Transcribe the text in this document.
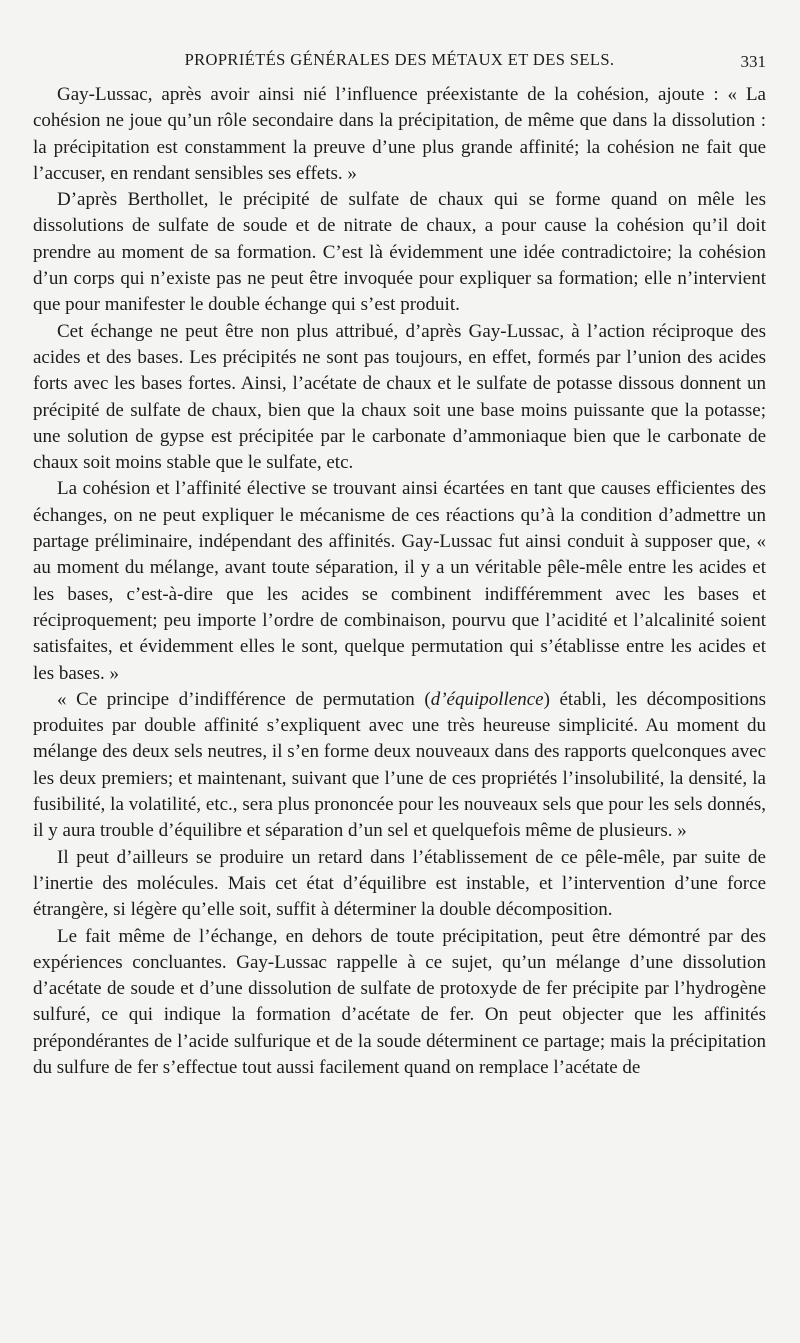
PROPRIÉTÉS GÉNÉRALES DES MÉTAUX ET DES SELS.	331

Gay-Lussac, après avoir ainsi nié l’influence préexistante de la cohésion, ajoute : « La cohésion ne joue qu’un rôle secondaire dans la précipitation, de même que dans la dissolution : la précipitation est constamment la preuve d’une plus grande affinité; la cohésion ne fait que l’accuser, en rendant sensibles ses effets. »

D’après Berthollet, le précipité de sulfate de chaux qui se forme quand on mêle les dissolutions de sulfate de soude et de nitrate de chaux, a pour cause la cohésion qu’il doit prendre au moment de sa formation. C’est là évidemment une idée contradictoire; la cohésion d’un corps qui n’existe pas ne peut être invoquée pour expliquer sa formation; elle n’intervient que pour manifester le double échange qui s’est produit.

Cet échange ne peut être non plus attribué, d’après Gay-Lussac, à l’action réciproque des acides et des bases. Les précipités ne sont pas toujours, en effet, formés par l’union des acides forts avec les bases fortes. Ainsi, l’acétate de chaux et le sulfate de potasse dissous donnent un précipité de sulfate de chaux, bien que la chaux soit une base moins puissante que la potasse; une solution de gypse est précipitée par le carbonate d’ammoniaque bien que le carbonate de chaux soit moins stable que le sulfate, etc.

La cohésion et l’affinité élective se trouvant ainsi écartées en tant que causes efficientes des échanges, on ne peut expliquer le mécanisme de ces réactions qu’à la condition d’admettre un partage préliminaire, indépendant des affinités. Gay-Lussac fut ainsi conduit à supposer que, « au moment du mélange, avant toute séparation, il y a un véritable pêle-mêle entre les acides et les bases, c’est-à-dire que les acides se combinent indifféremment avec les bases et réciproquement; peu importe l’ordre de combinaison, pourvu que l’acidité et l’alcalinité soient satisfaites, et évidemment elles le sont, quelque permutation qui s’établisse entre les acides et les bases. »

« Ce principe d’indifférence de permutation (d’équipollence) établi, les décompositions produites par double affinité s’expliquent avec une très heureuse simplicité. Au moment du mélange des deux sels neutres, il s’en forme deux nouveaux dans des rapports quelconques avec les deux premiers; et maintenant, suivant que l’une de ces propriétés l’insolubilité, la densité, la fusibilité, la volatilité, etc., sera plus prononcée pour les nouveaux sels que pour les sels donnés, il y aura trouble d’équilibre et séparation d’un sel et quelquefois même de plusieurs. »

Il peut d’ailleurs se produire un retard dans l’établissement de ce pêle-mêle, par suite de l’inertie des molécules. Mais cet état d’équilibre est instable, et l’intervention d’une force étrangère, si légère qu’elle soit, suffit à déterminer la double décomposition.

Le fait même de l’échange, en dehors de toute précipitation, peut être démontré par des expériences concluantes. Gay-Lussac rappelle à ce sujet, qu’un mélange d’une dissolution d’acétate de soude et d’une dissolution de sulfate de protoxyde de fer précipite par l’hydrogène sulfuré, ce qui indique la formation d’acétate de fer. On peut objecter que les affinités prépondérantes de l’acide sulfurique et de la soude déterminent ce partage; mais la précipitation du sulfure de fer s’effectue tout aussi facilement quand on remplace l’acétate de
